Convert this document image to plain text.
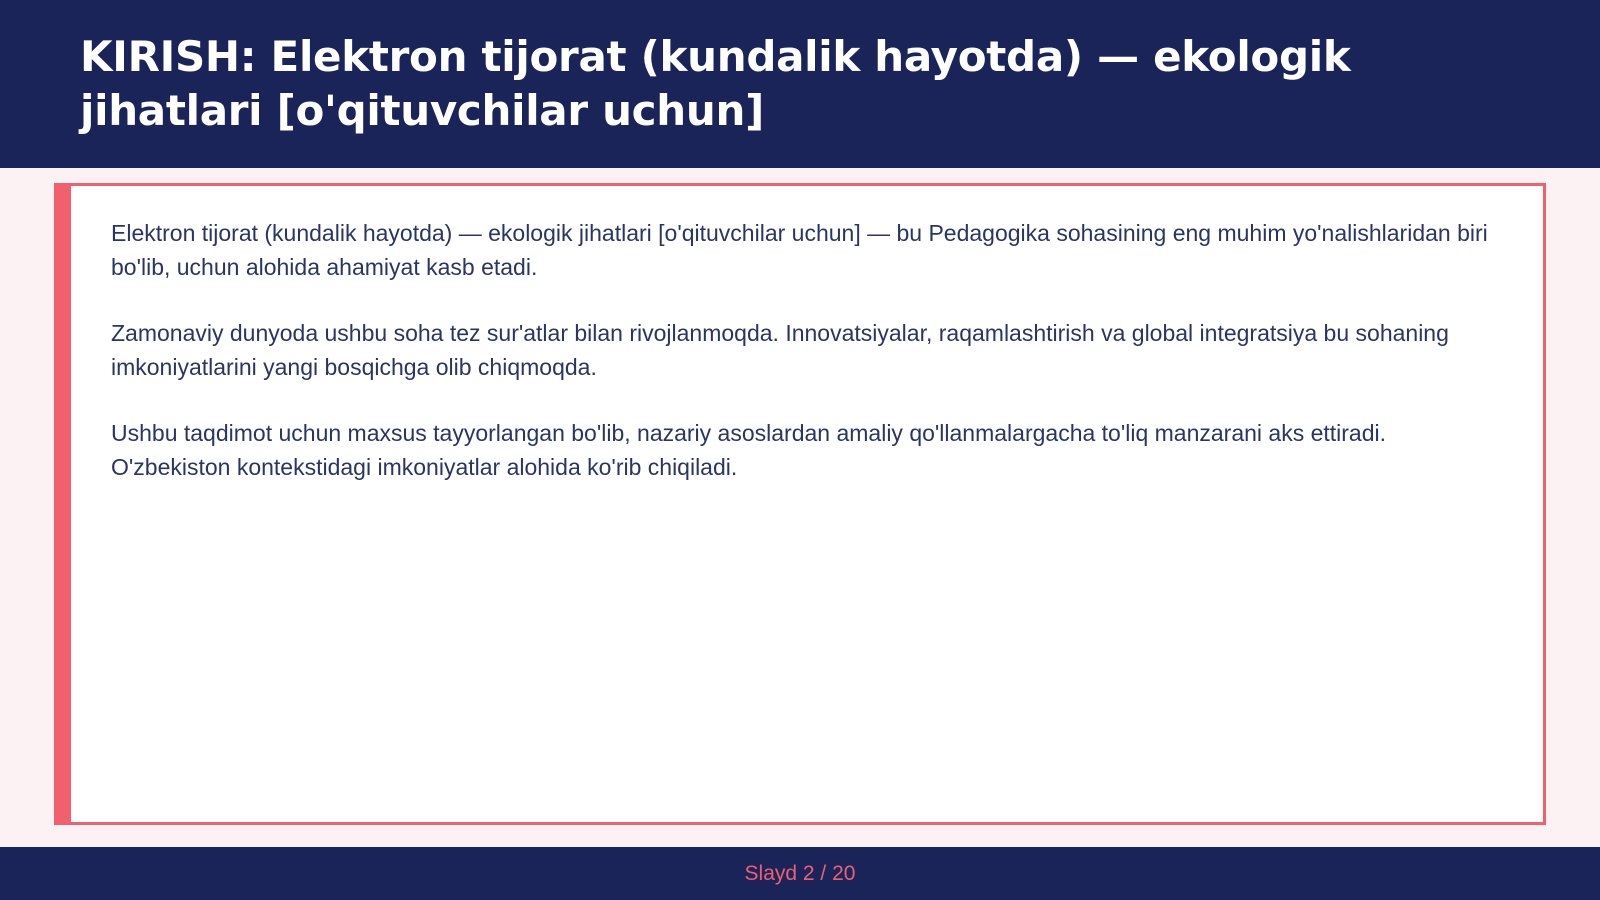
KIRISH: Elektron tijorat (kundalik hayotda) — ekologik jihatlari [o'qituvchilar uchun]

Elektron tijorat (kundalik hayotda) — ekologik jihatlari [o'qituvchilar uchun] — bu Pedagogika sohasining eng muhim yo'nalishlaridan biri bo'lib, uchun alohida ahamiyat kasb etadi.

Zamonaviy dunyoda ushbu soha tez sur'atlar bilan rivojlanmoqda. Innovatsiyalar, raqamlashtirish va global integratsiya bu sohaning imkoniyatlarini yangi bosqichga olib chiqmoqda.

Ushbu taqdimot uchun maxsus tayyorlangan bo'lib, nazariy asoslardan amaliy qo'llanmalargacha to'liq manzarani aks ettiradi. O'zbekiston kontekstidagi imkoniyatlar alohida ko'rib chiqiladi.

Slayd 2 / 20
